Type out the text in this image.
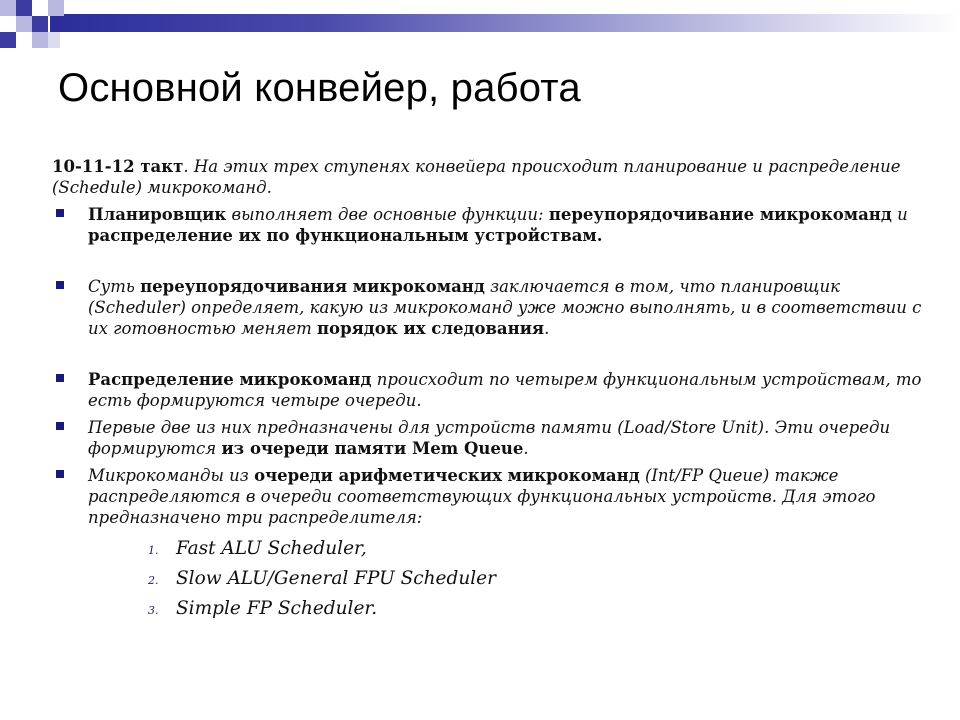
Основной конвейер, работа

10-11-12 такт. На этих трех ступенях конвейера происходит планирование и распределение (Schedule) микрокоманд.

Планировщик выполняет две основные функции: переупорядочивание микрокоманд и распределение их по функциональным устройствам.
Суть переупорядочивания микрокоманд заключается в том, что планировщик (Scheduler) определяет, какую из микрокоманд уже можно выполнять, и в соответствии с их готовностью меняет порядок их следования.
Распределение микрокоманд происходит по четырем функциональным устройствам, то есть формируются четыре очереди.
Первые две из них предназначены для устройств памяти (Load/Store Unit). Эти очереди формируются из очереди памяти Mem Queue.
Микрокоманды из очереди арифметических микрокоманд (Int/FP Queue) также распределяются в очереди соответствующих функциональных устройств. Для этого предназначено три распределителя:
1. Fast ALU Scheduler,
2. Slow ALU/General FPU Scheduler
3. Simple FP Scheduler.
